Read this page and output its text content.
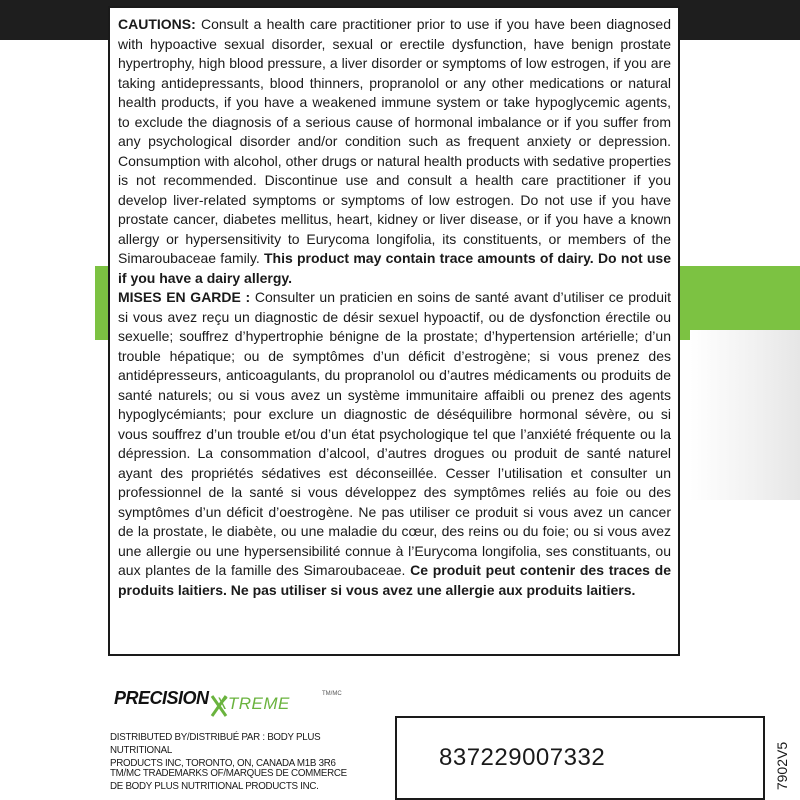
CAUTIONS: Consult a health care practitioner prior to use if you have been diagnosed with hypoactive sexual disorder, sexual or erectile dysfunction, have benign prostate hypertrophy, high blood pressure, a liver disorder or symptoms of low estrogen, if you are taking antidepressants, blood thinners, propranolol or any other medications or natural health products, if you have a weakened immune system or take hypoglycemic agents, to exclude the diagnosis of a serious cause of hormonal imbalance or if you suffer from any psychological disorder and/or condition such as frequent anxiety or depression. Consumption with alcohol, other drugs or natural health products with sedative properties is not recommended. Discontinue use and consult a health care practitioner if you develop liver-related symptoms or symptoms of low estrogen. Do not use if you have prostate cancer, diabetes mellitus, heart, kidney or liver disease, or if you have a known allergy or hypersensitivity to Eurycoma longifolia, its constituents, or members of the Simaroubaceae family. This product may contain trace amounts of dairy. Do not use if you have a dairy allergy.

MISES EN GARDE : Consulter un praticien en soins de santé avant d’utiliser ce produit si vous avez reçu un diagnostic de désir sexuel hypoactif, ou de dysfonction érectile ou sexuelle; souffrez d’hypertrophie bénigne de la prostate; d’hypertension artérielle; d’un trouble hépatique; ou de symptômes d’un déficit d’estrogène; si vous prenez des antidépresseurs, anticoagulants, du propranolol ou d’autres médicaments ou produits de santé naturels; ou si vous avez un système immunitaire affaibli ou prenez des agents hypoglycémiants; pour exclure un diagnostic de déséquilibre hormonal sévère, ou si vous souffrez d’un trouble et/ou d’un état psychologique tel que l’anxiété fréquente ou la dépression. La consommation d’alcool, d’autres drogues ou produit de santé naturel ayant des propriétés sédatives est déconseillée. Cesser l’utilisation et consulter un professionnel de la santé si vous développez des symptômes reliés au foie ou des symptômes d’un déficit d’oestrogène. Ne pas utiliser ce produit si vous avez un cancer de la prostate, le diabète, ou une maladie du cœur, des reins ou du foie; ou si vous avez une allergie ou une hypersensibilité connue à l’Eurycoma longifolia, ses constituants, ou aux plantes de la famille des Simaroubaceae. Ce produit peut contenir des traces de produits laitiers. Ne pas utiliser si vous avez une allergie aux produits laitiers.

PRECISION XTREME	TM/MC
DISTRIBUTED BY/DISTRIBUÉ PAR : BODY PLUS NUTRITIONAL
PRODUCTS INC, TORONTO, ON, CANADA M1B 3R6
TM/MC TRADEMARKS OF/MARQUES DE COMMERCE
DE BODY PLUS NUTRITIONAL PRODUCTS INC.
837229007332	7902V5
